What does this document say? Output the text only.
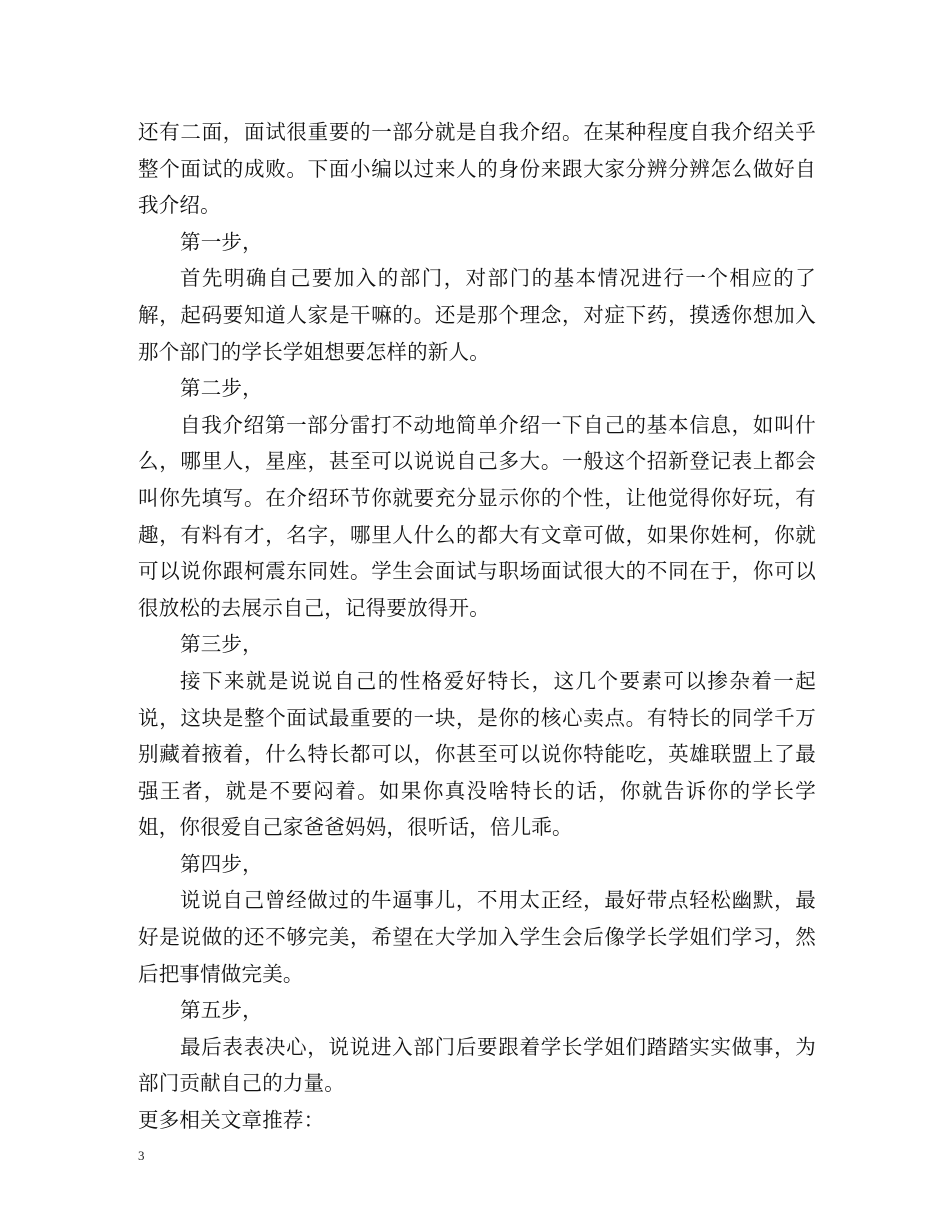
还有二面，面试很重要的一部分就是自我介绍。在某种程度自我介绍关乎整个面试的成败。下面小编以过来人的身份来跟大家分辨分辨怎么做好自我介绍。

第一步，

首先明确自己要加入的部门，对部门的基本情况进行一个相应的了解，起码要知道人家是干嘛的。还是那个理念，对症下药，摸透你想加入那个部门的学长学姐想要怎样的新人。

第二步，

自我介绍第一部分雷打不动地简单介绍一下自己的基本信息，如叫什么，哪里人，星座，甚至可以说说自己多大。一般这个招新登记表上都会叫你先填写。在介绍环节你就要充分显示你的个性，让他觉得你好玩，有趣，有料有才，名字，哪里人什么的都大有文章可做，如果你姓柯，你就可以说你跟柯震东同姓。学生会面试与职场面试很大的不同在于，你可以很放松的去展示自己，记得要放得开。

第三步，

接下来就是说说自己的性格爱好特长，这几个要素可以掺杂着一起说，这块是整个面试最重要的一块，是你的核心卖点。有特长的同学千万别藏着掖着，什么特长都可以，你甚至可以说你特能吃，英雄联盟上了最强王者，就是不要闷着。如果你真没啥特长的话，你就告诉你的学长学姐，你很爱自己家爸爸妈妈，很听话，倍儿乖。

第四步，

说说自己曾经做过的牛逼事儿，不用太正经，最好带点轻松幽默，最好是说做的还不够完美，希望在大学加入学生会后像学长学姐们学习，然后把事情做完美。

第五步，

最后表表决心，说说进入部门后要跟着学长学姐们踏踏实实做事，为部门贡献自己的力量。

更多相关文章推荐：

3
